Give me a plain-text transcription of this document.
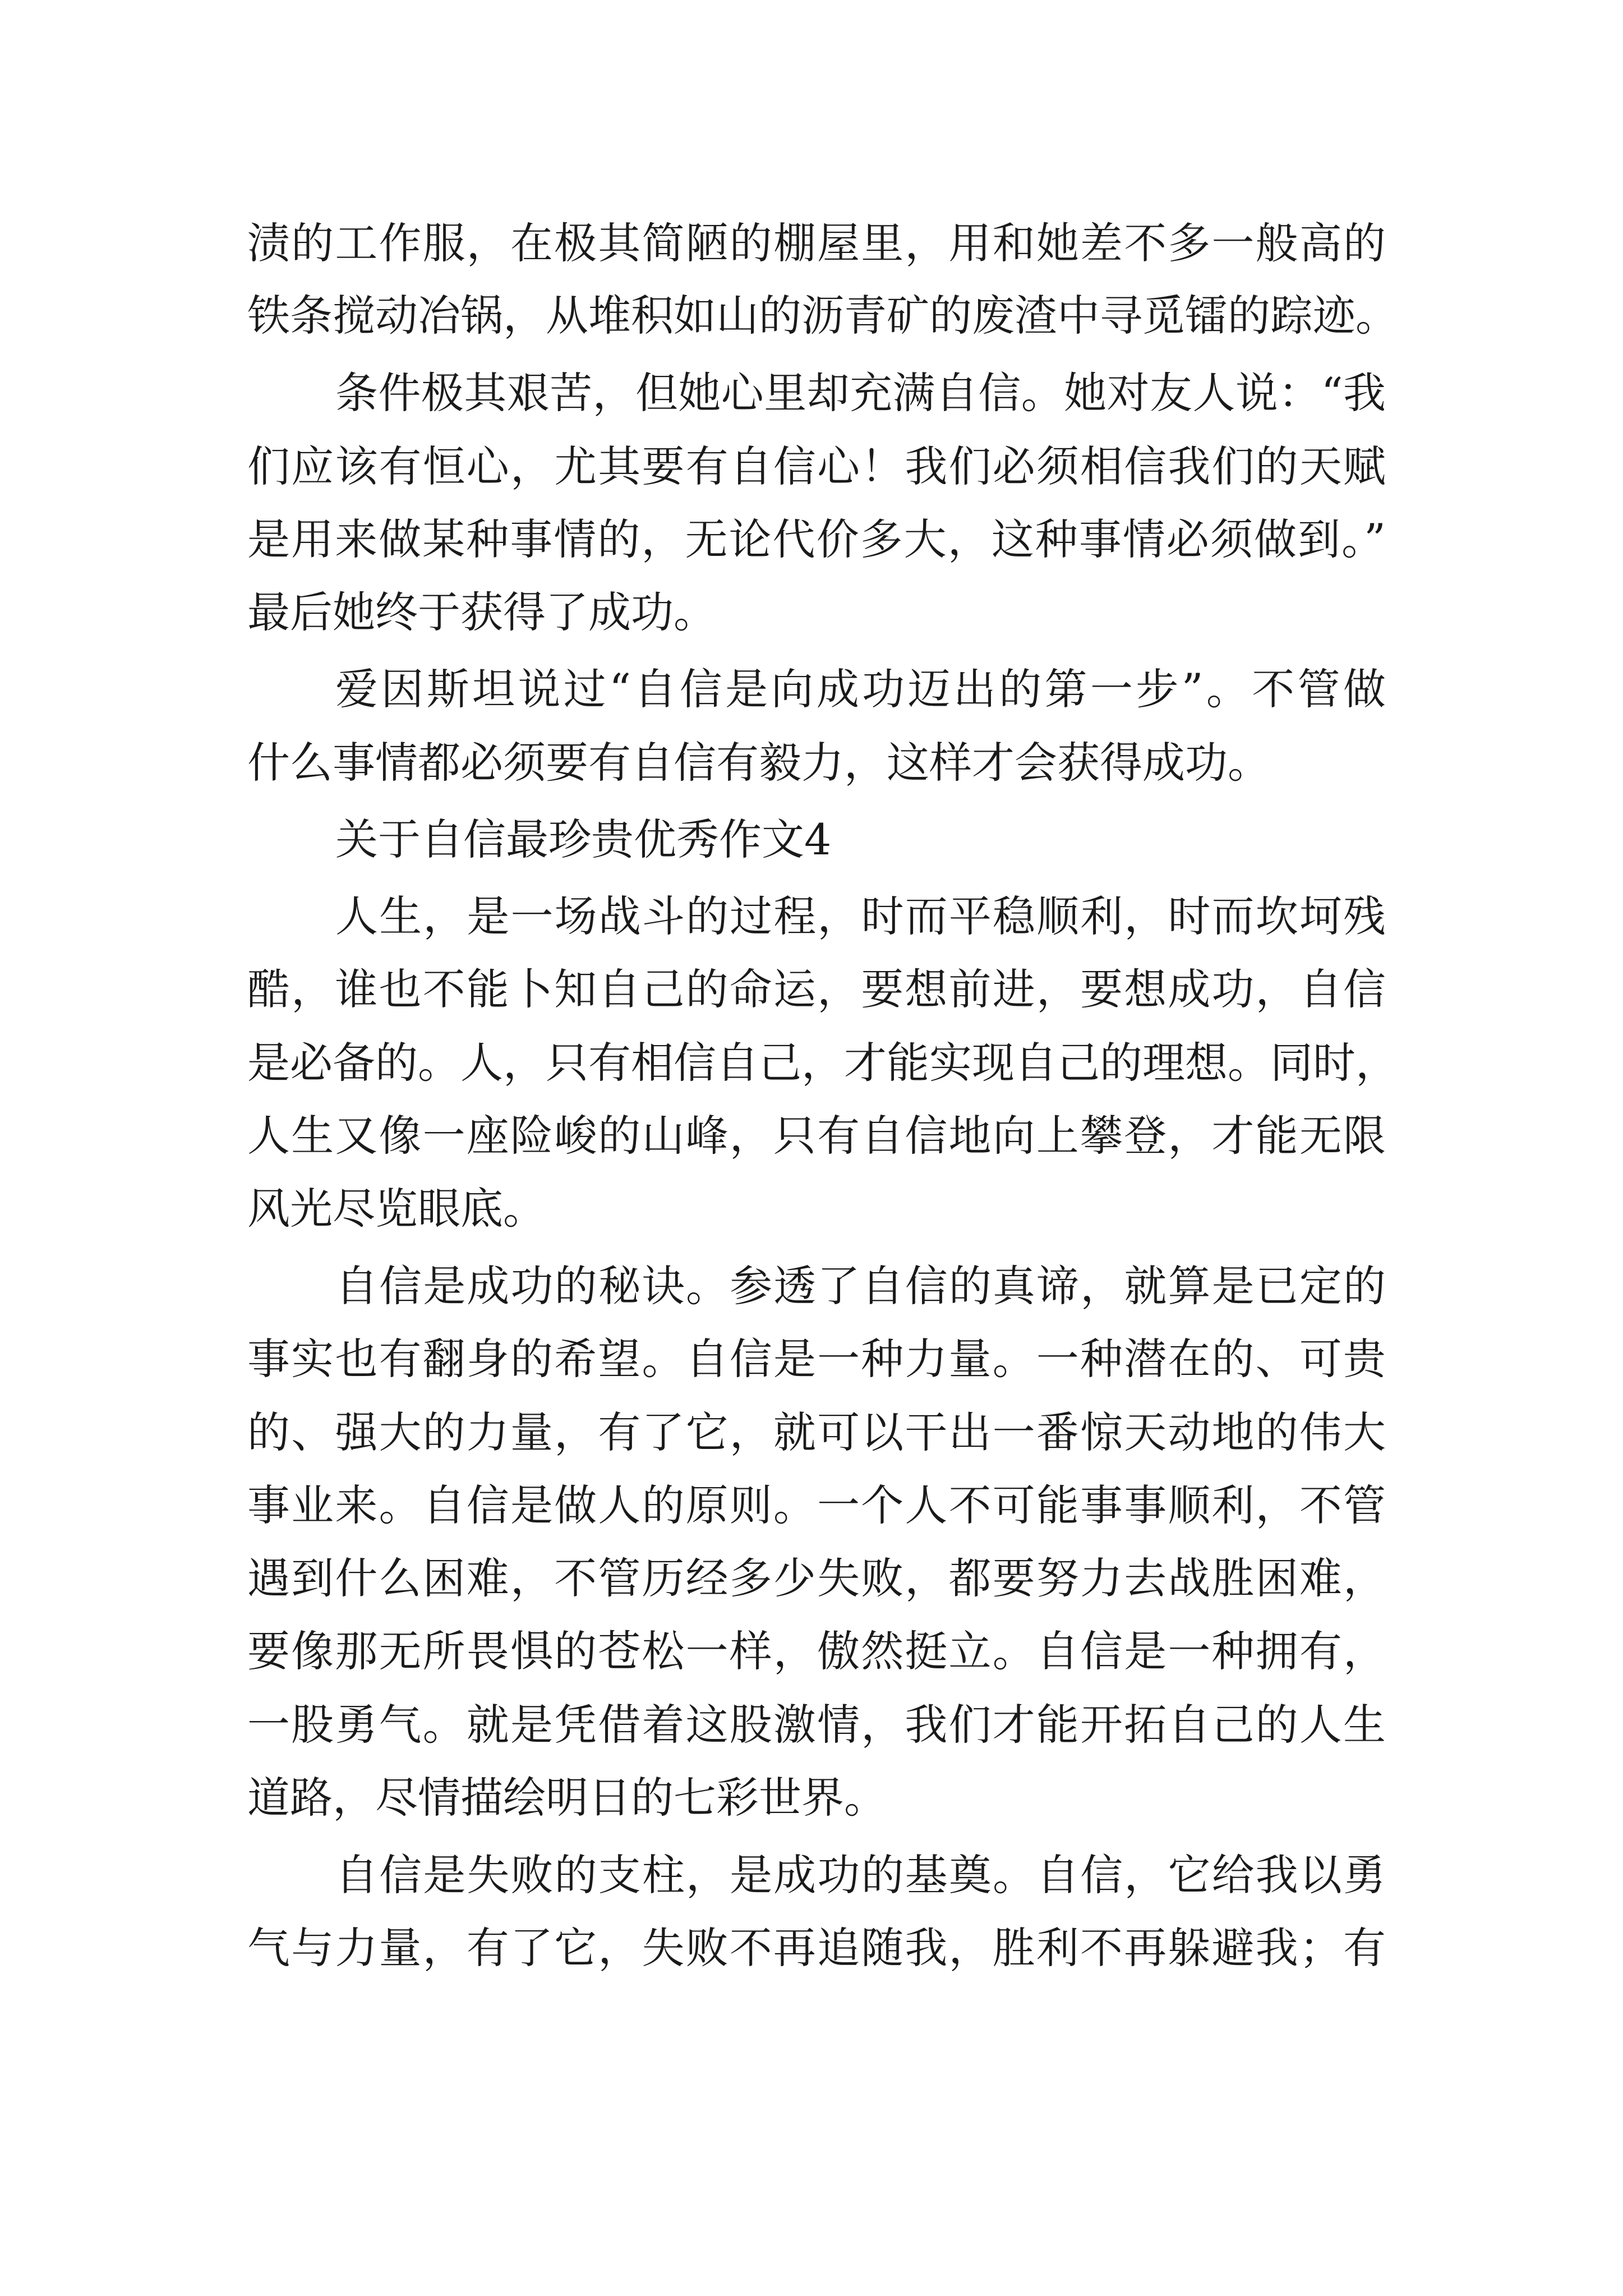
渍的工作服，在极其简陋的棚屋里，用和她差不多一般高的

铁条搅动冶锅，从堆积如山的沥青矿的废渣中寻觅镭的踪迹。

条件极其艰苦，但她心里却充满自信。她对友人说：“我

们应该有恒心，尤其要有自信心！我们必须相信我们的天赋

是用来做某种事情的，无论代价多大，这种事情必须做到。”

最后她终于获得了成功。

爱因斯坦说过“自信是向成功迈出的第一步”。不管做

什么事情都必须要有自信有毅力，这样才会获得成功。

关于自信最珍贵优秀作文4

人生，是一场战斗的过程，时而平稳顺利，时而坎坷残

酷，谁也不能卜知自己的命运，要想前进，要想成功，自信

是必备的。人，只有相信自己，才能实现自己的理想。同时，

人生又像一座险峻的山峰，只有自信地向上攀登，才能无限

风光尽览眼底。

自信是成功的秘诀。参透了自信的真谛，就算是已定的

事实也有翻身的希望。自信是一种力量。一种潜在的、可贵

的、强大的力量，有了它，就可以干出一番惊天动地的伟大

事业来。自信是做人的原则。一个人不可能事事顺利，不管

遇到什么困难，不管历经多少失败，都要努力去战胜困难，

要像那无所畏惧的苍松一样，傲然挺立。自信是一种拥有，

一股勇气。就是凭借着这股激情，我们才能开拓自己的人生

道路，尽情描绘明日的七彩世界。

自信是失败的支柱，是成功的基奠。自信，它给我以勇

气与力量，有了它，失败不再追随我，胜利不再躲避我；有
